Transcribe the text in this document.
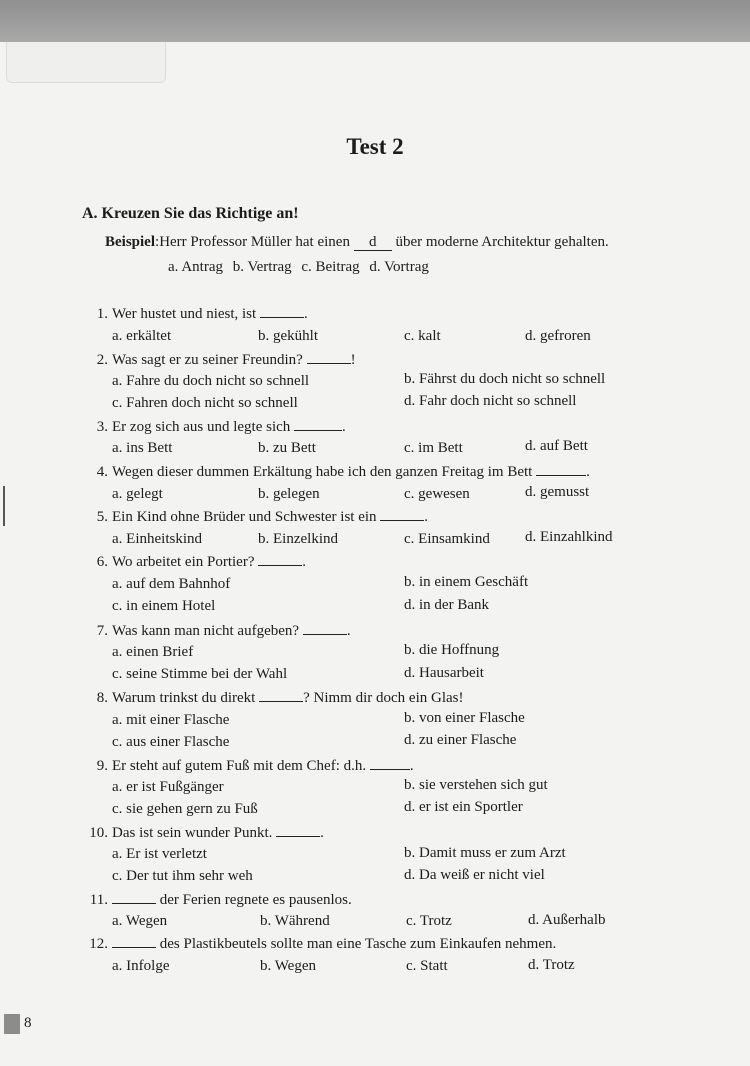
Test 2
A. Kreuzen Sie das Richtige an!
Beispiel:Herr Professor Müller hat einen d über moderne Architektur gehalten.
a. Antrag b. Vertrag c. Beitrag d. Vortrag
1. Wer hustet und niest, ist	.
a. erkältet	b. gekühlt	c. kalt	d. gefroren
2. Was sagt er zu seiner Freundin?	!
a. Fahre du doch nicht so schnell	b. Fährst du doch nicht so schnell
c. Fahren doch nicht so schnell	d. Fahr doch nicht so schnell
3. Er zog sich aus und legte sich	.
a. ins Bett	b. zu Bett	c. im Bett	d. auf Bett
4. Wegen dieser dummen Erkältung habe ich den ganzen Freitag im Bett	.
a. gelegt	b. gelegen	c. gewesen	d. gemusst
5. Ein Kind ohne Brüder und Schwester ist ein	.
a. Einheitskind	b. Einzelkind	c. Einsamkind d. Einzahlkind
6. Wo arbeitet ein Portier?	.
a. auf dem Bahnhof	b. in einem Geschäft
c. in einem Hotel	d. in der Bank
7. Was kann man nicht aufgeben?	.
a. einen Brief	b. die Hoffnung
c. seine Stimme bei der Wahl	d. Hausarbeit
8. Warum trinkst du direkt	? Nimm dir doch ein Glas!
a. mit einer Flasche	b. von einer Flasche
c. aus einer Flasche	d. zu einer Flasche
9. Er steht auf gutem Fuß mit dem Chef: d.h.	.
a. er ist Fußgänger	b. sie verstehen sich gut
c. sie gehen gern zu Fuß	d. er ist ein Sportler
10. Das ist sein wunder Punkt.	.
a. Er ist verletzt	b. Damit muss er zum Arzt
c. Der tut ihm sehr weh	d. Da weiß er nicht viel
11.	der Ferien regnete es pausenlos.
a. Wegen	b. Während	c. Trotz	d. Außerhalb
12.	des Plastikbeutels sollte man eine Tasche zum Einkaufen nehmen.
a. Infolge	b. Wegen	c. Statt	d. Trotz
8
